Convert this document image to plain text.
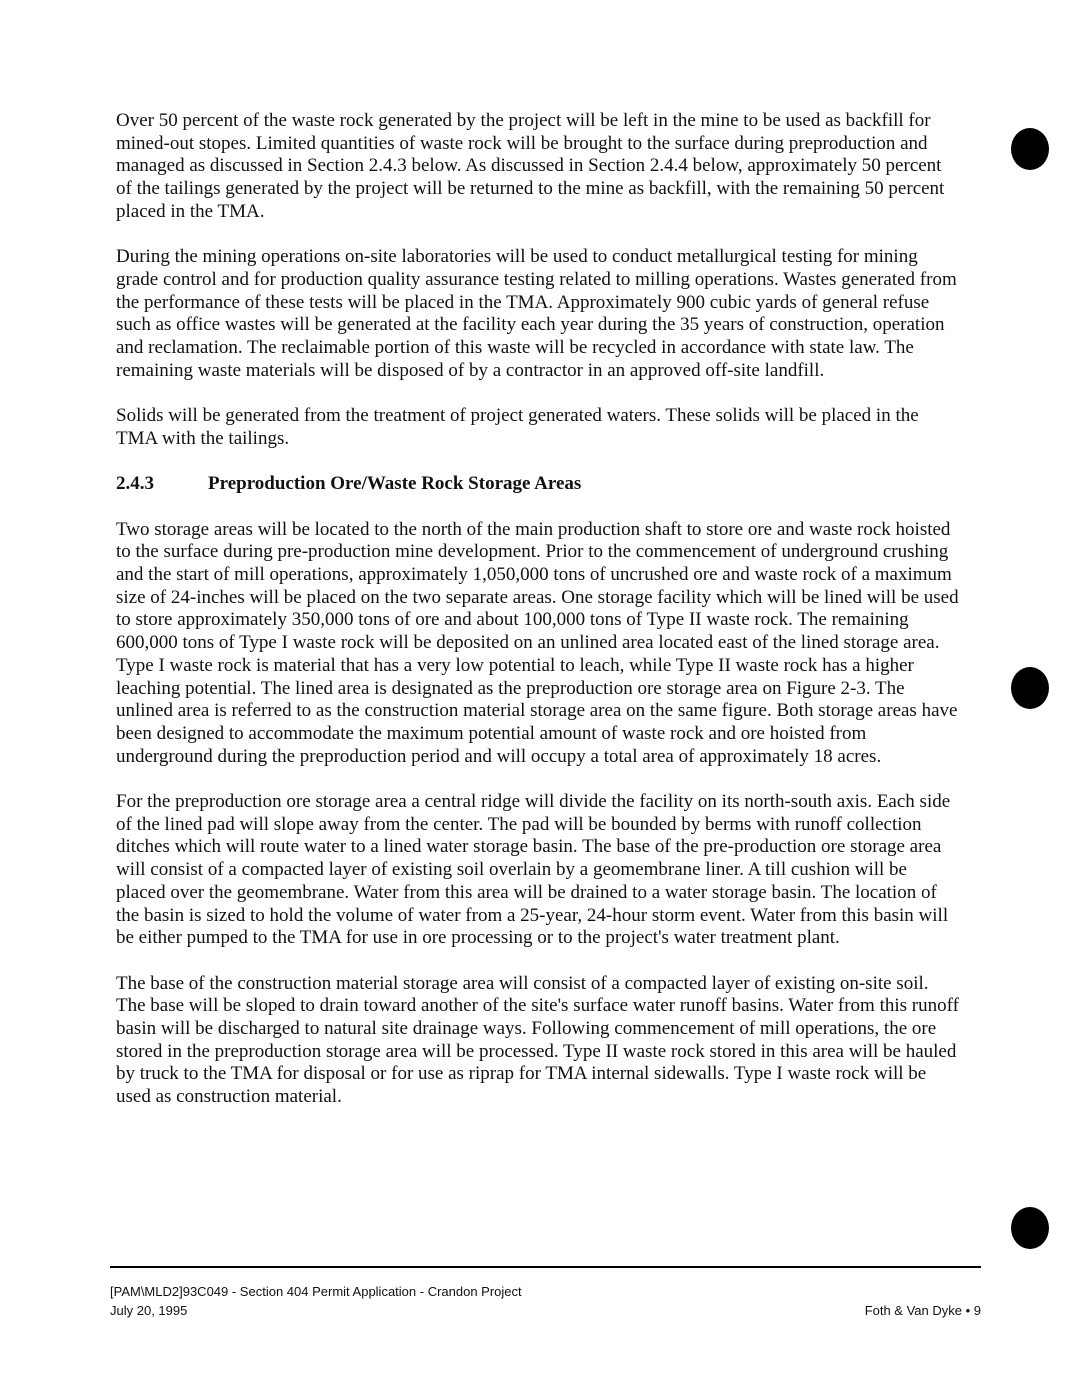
Over 50 percent of the waste rock generated by the project will be left in the mine to be used as backfill for mined-out stopes. Limited quantities of waste rock will be brought to the surface during preproduction and managed as discussed in Section 2.4.3 below. As discussed in Section 2.4.4 below, approximately 50 percent of the tailings generated by the project will be returned to the mine as backfill, with the remaining 50 percent placed in the TMA.

During the mining operations on-site laboratories will be used to conduct metallurgical testing for mining grade control and for production quality assurance testing related to milling operations. Wastes generated from the performance of these tests will be placed in the TMA. Approximately 900 cubic yards of general refuse such as office wastes will be generated at the facility each year during the 35 years of construction, operation and reclamation. The reclaimable portion of this waste will be recycled in accordance with state law. The remaining waste materials will be disposed of by a contractor in an approved off-site landfill.

Solids will be generated from the treatment of project generated waters. These solids will be placed in the TMA with the tailings.

2.4.3	Preproduction Ore/Waste Rock Storage Areas

Two storage areas will be located to the north of the main production shaft to store ore and waste rock hoisted to the surface during pre-production mine development. Prior to the commencement of underground crushing and the start of mill operations, approximately 1,050,000 tons of uncrushed ore and waste rock of a maximum size of 24-inches will be placed on the two separate areas. One storage facility which will be lined will be used to store approximately 350,000 tons of ore and about 100,000 tons of Type II waste rock. The remaining 600,000 tons of Type I waste rock will be deposited on an unlined area located east of the lined storage area. Type I waste rock is material that has a very low potential to leach, while Type II waste rock has a higher leaching potential. The lined area is designated as the preproduction ore storage area on Figure 2-3. The unlined area is referred to as the construction material storage area on the same figure. Both storage areas have been designed to accommodate the maximum potential amount of waste rock and ore hoisted from underground during the preproduction period and will occupy a total area of approximately 18 acres.

For the preproduction ore storage area a central ridge will divide the facility on its north-south axis. Each side of the lined pad will slope away from the center. The pad will be bounded by berms with runoff collection ditches which will route water to a lined water storage basin. The base of the pre-production ore storage area will consist of a compacted layer of existing soil overlain by a geomembrane liner. A till cushion will be placed over the geomembrane. Water from this area will be drained to a water storage basin. The location of the basin is sized to hold the volume of water from a 25-year, 24-hour storm event. Water from this basin will be either pumped to the TMA for use in ore processing or to the project's water treatment plant.

The base of the construction material storage area will consist of a compacted layer of existing on-site soil. The base will be sloped to drain toward another of the site's surface water runoff basins. Water from this runoff basin will be discharged to natural site drainage ways. Following commencement of mill operations, the ore stored in the preproduction storage area will be processed. Type II waste rock stored in this area will be hauled by truck to the TMA for disposal or for use as riprap for TMA internal sidewalls. Type I waste rock will be used as construction material.

[PAM\MLD2]93C049 - Section 404 Permit Application - Crandon Project
July 20, 1995	Foth & Van Dyke • 9
